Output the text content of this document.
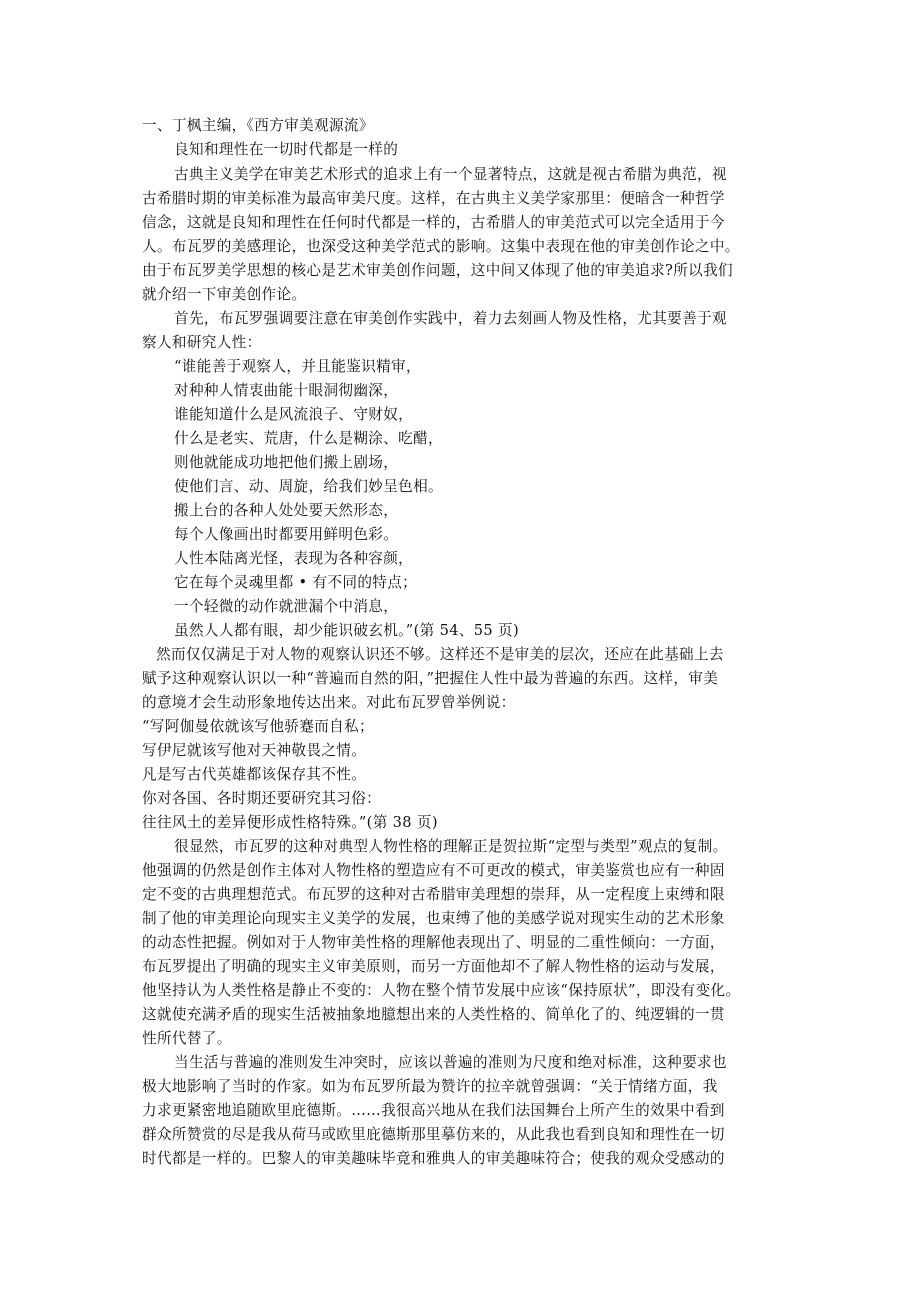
一、丁枫主编，《西方审美观源流》

良知和理性在一切时代都是一样的

古典主义美学在审美艺术形式的追求上有一个显著特点，这就是视古希腊为典范，视

古希腊时期的审美标准为最高审美尺度。这样，在古典主义美学家那里：便暗含一种哲学

信念，这就是良知和理性在任何时代都是一样的，古希腊人的审美范式可以完全适用于今

人。布瓦罗的美感理论，也深受这种美学范式的影响。这集中表现在他的审美创作论之中。

由于布瓦罗美学思想的核心是艺术审美创作问题，这中间又体现了他的审美追求?所以我们

就介绍一下审美创作论。

首先，布瓦罗强调要注意在审美创作实践中，着力去刻画人物及性格，尤其要善于观

察人和研究人性：

“谁能善于观察人，并且能鉴识精审，

对种种人情衷曲能十眼洞彻幽深，

谁能知道什么是风流浪子、守财奴，

什么是老实、荒唐，什么是糊涂、吃醋，

则他就能成功地把他们搬上剧场，

使他们言、动、周旋，给我们妙呈色相。

搬上台的各种人处处要天然形态，

每个人像画出时都要用鲜明色彩。

人性本陆离光怪，表现为各种容颜，

它在每个灵魂里都 • 有不同的特点；

一个轻微的动作就泄漏个中消息，

虽然人人都有眼，却少能识破玄机。”(第 54、55 页)

然而仅仅满足于对人物的观察认识还不够。这样还不是审美的层次，还应在此基础上去

赋予这种观察认识以一种“普遍而自然的阳，”把握住人性中最为普遍的东西。这样，审美

的意境才会生动形象地传达出来。对此布瓦罗曾举例说：

“写阿伽曼依就该写他骄蹇而自私；

写伊尼就该写他对天神敬畏之情。

凡是写古代英雄都该保存其不性。

你对各国、各时期还要研究其习俗：

往往风土的差异便形成性格特殊。”(第 38 页)

很显然，市瓦罗的这种对典型人物性格的理解正是贺拉斯“定型与类型”观点的复制。

他强调的仍然是创作主体对人物性格的塑造应有不可更改的模式，审美鉴赏也应有一种固

定不变的古典理想范式。布瓦罗的这种对古希腊审美理想的崇拜，从一定程度上束缚和限

制了他的审美理论向现实主义美学的发展，也束缚了他的美感学说对现实生动的艺术形象

的动态性把握。例如对于人物审美性格的理解他表现出了、明显的二重性倾向：一方面，

布瓦罗提出了明确的现实主义审美原则，而另一方面他却不了解人物性格的运动与发展，

他坚持认为人类性格是静止不变的：人物在整个情节发展中应该“保持原状”，即没有变化。

这就使充满矛盾的现实生活被抽象地臆想出来的人类性格的、简单化了的、纯逻辑的一贯

性所代替了。

当生活与普遍的准则发生冲突时，应该以普遍的准则为尺度和绝对标准，这种要求也

极大地影响了当时的作家。如为布瓦罗所最为赞许的拉辛就曾强调：“关于情绪方面，我

力求更紧密地追随欧里庇德斯。……我很高兴地从在我们法国舞台上所产生的效果中看到

群众所赞赏的尽是我从荷马或欧里庇德斯那里摹仿来的，从此我也看到良知和理性在一切

时代都是一样的。巴黎人的审美趣味毕竟和雅典人的审美趣味符合；使我的观众受感动的
